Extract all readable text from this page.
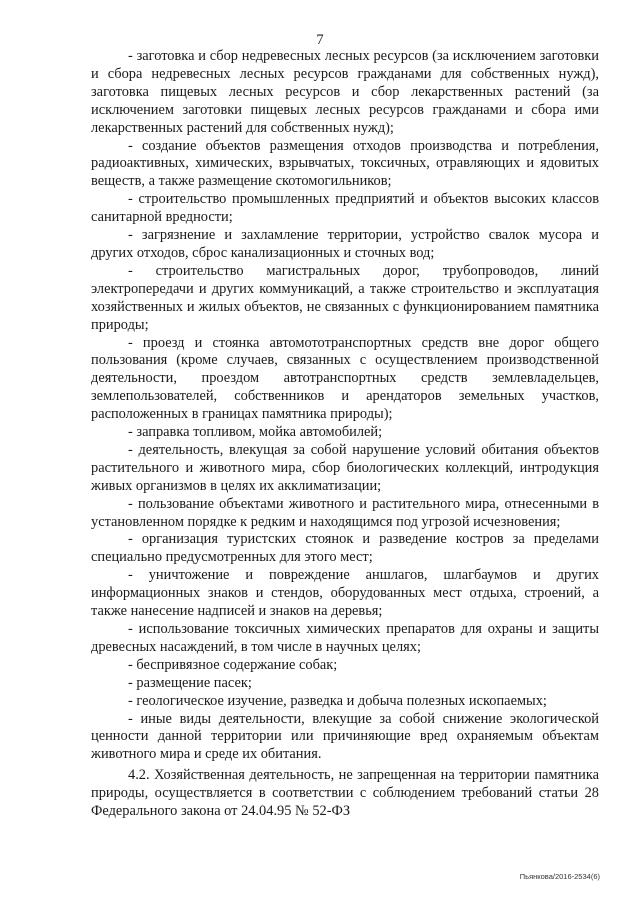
7

- заготовка и сбор недревесных лесных ресурсов (за исключением заготовки и сбора недревесных лесных ресурсов гражданами для собственных нужд), заготовка пищевых лесных ресурсов и сбор лекарственных растений (за исключением заготовки пищевых лесных ресурсов гражданами и сбора ими лекарственных растений для собственных нужд);

- создание объектов размещения отходов производства и потребления, радиоактивных, химических, взрывчатых, токсичных, отравляющих и ядовитых веществ, а также размещение скотомогильников;

- строительство промышленных предприятий и объектов высоких классов санитарной вредности;

- загрязнение и захламление территории, устройство свалок мусора и других отходов, сброс канализационных и сточных вод;

- строительство магистральных дорог, трубопроводов, линий электропередачи и других коммуникаций, а также строительство и эксплуатация хозяйственных и жилых объектов, не связанных с функционированием памятника природы;

- проезд и стоянка автомототранспортных средств вне дорог общего пользования (кроме случаев, связанных с осуществлением производственной деятельности, проездом автотранспортных средств землевладельцев, землепользователей, собственников и арендаторов земельных участков, расположенных в границах памятника природы);

- заправка топливом, мойка автомобилей;

- деятельность, влекущая за собой нарушение условий обитания объектов растительного и животного мира, сбор биологических коллекций, интродукция живых организмов в целях их акклиматизации;

- пользование объектами животного и растительного мира, отнесенными в установленном порядке к редким и находящимся под угрозой исчезновения;

- организация туристских стоянок и разведение костров за пределами специально предусмотренных для этого мест;

- уничтожение и повреждение аншлагов, шлагбаумов и других информационных знаков и стендов, оборудованных мест отдыха, строений, а также нанесение надписей и знаков на деревья;

- использование токсичных химических препаратов для охраны и защиты древесных насаждений, в том числе в научных целях;

- беспривязное содержание собак;

- размещение пасек;

- геологическое изучение, разведка и добыча полезных ископаемых;

- иные виды деятельности, влекущие за собой снижение экологической ценности данной территории или причиняющие вред охраняемым объектам животного мира и среде их обитания.

4.2. Хозяйственная деятельность, не запрещенная на территории памятника природы, осуществляется в соответствии с соблюдением требований статьи 28 Федерального закона от 24.04.95 № 52-ФЗ

Пьянкова/2016-2534(6)
